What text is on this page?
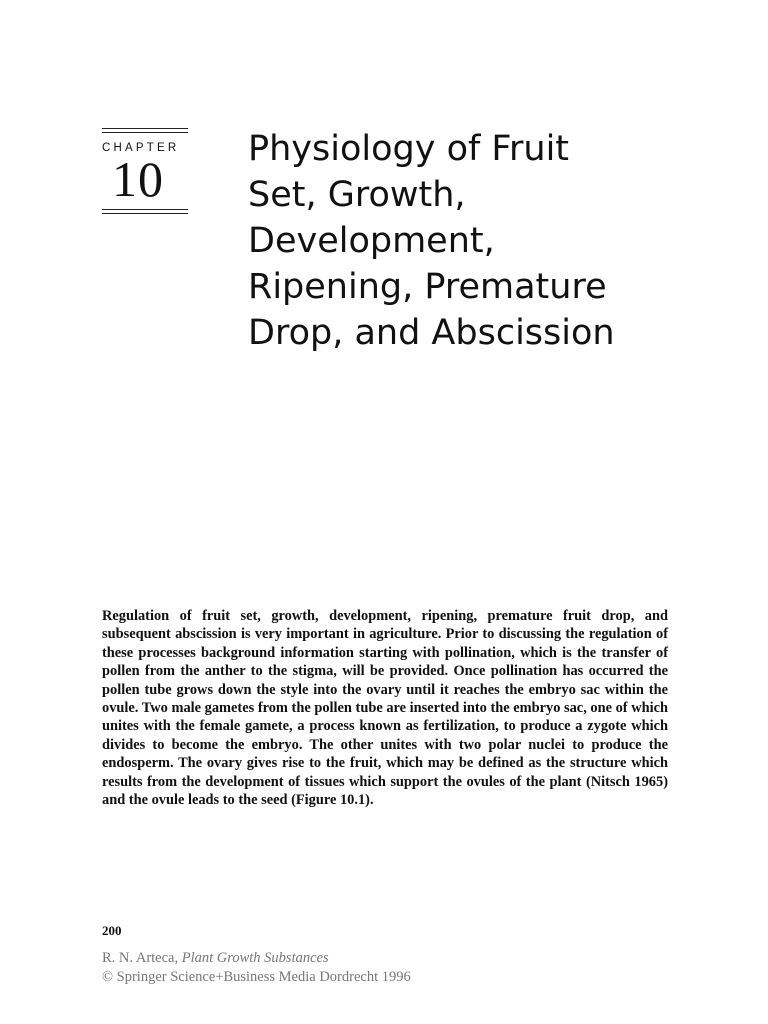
CHAPTER
10
Physiology of Fruit
Set, Growth,
Development,
Ripening, Premature
Drop, and Abscission

Regulation of fruit set, growth, development, ripening, premature fruit drop, and subsequent abscission is very important in agriculture. Prior to discussing the regulation of these processes background information starting with pollination, which is the transfer of pollen from the anther to the stigma, will be provided. Once pollination has occurred the pollen tube grows down the style into the ovary until it reaches the embryo sac within the ovule. Two male gametes from the pollen tube are inserted into the embryo sac, one of which unites with the female gamete, a process known as fertilization, to produce a zygote which divides to become the embryo. The other unites with two polar nuclei to produce the endosperm. The ovary gives rise to the fruit, which may be defined as the structure which results from the development of tissues which support the ovules of the plant (Nitsch 1965) and the ovule leads to the seed (Figure 10.1).

200
R. N. Arteca, Plant Growth Substances
© Springer Science+Business Media Dordrecht 1996
